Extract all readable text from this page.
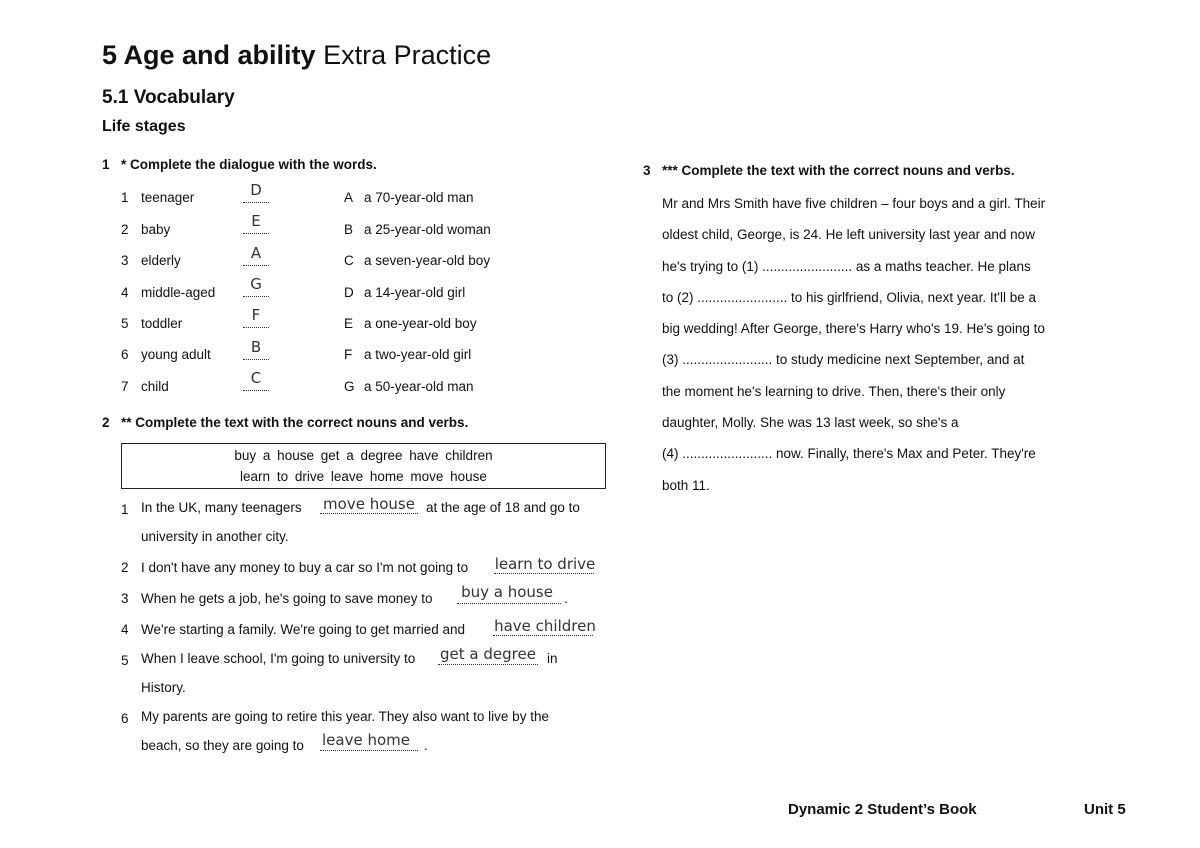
5 Age and ability Extra Practice
5.1 Vocabulary
Life stages
1 * Complete the dialogue with the words.
1 teenager	D	A a 70-year-old man
2 baby	E	B a 25-year-old woman
3 elderly	A	C a seven-year-old boy
4 middle-aged	G	D a 14-year-old girl
5 toddler	F	E a one-year-old boy
6 young adult	B	F a two-year-old girl
7 child	C	G a 50-year-old man
2 ** Complete the text with the correct nouns and verbs.
buy a house get a degree have children
learn to drive leave home move house
1 In the UK, many teenagers move house at the age of 18 and go to
university in another city.
2 I don't have any money to buy a car so I'm not going to learn to drive
3 When he gets a job, he's going to save money to buy a house .
4 We're starting a family. We're going to get married and have children
5 When I leave school, I'm going to university to get a degree in
History.
6 My parents are going to retire this year. They also want to live by the
beach, so they are going to leave home .
3 *** Complete the text with the correct nouns and verbs.
Mr and Mrs Smith have five children – four boys and a girl. Their
oldest child, George, is 24. He left university last year and now
he's trying to (1) ........................ as a maths teacher. He plans
to (2) ........................ to his girlfriend, Olivia, next year. It'll be a
big wedding! After George, there's Harry who's 19. He's going to
(3) ........................ to study medicine next September, and at
the moment he's learning to drive. Then, there's their only
daughter, Molly. She was 13 last week, so she's a
(4) ........................ now. Finally, there's Max and Peter. They're
both 11.
Dynamic 2 Student’s Book	Unit 5
